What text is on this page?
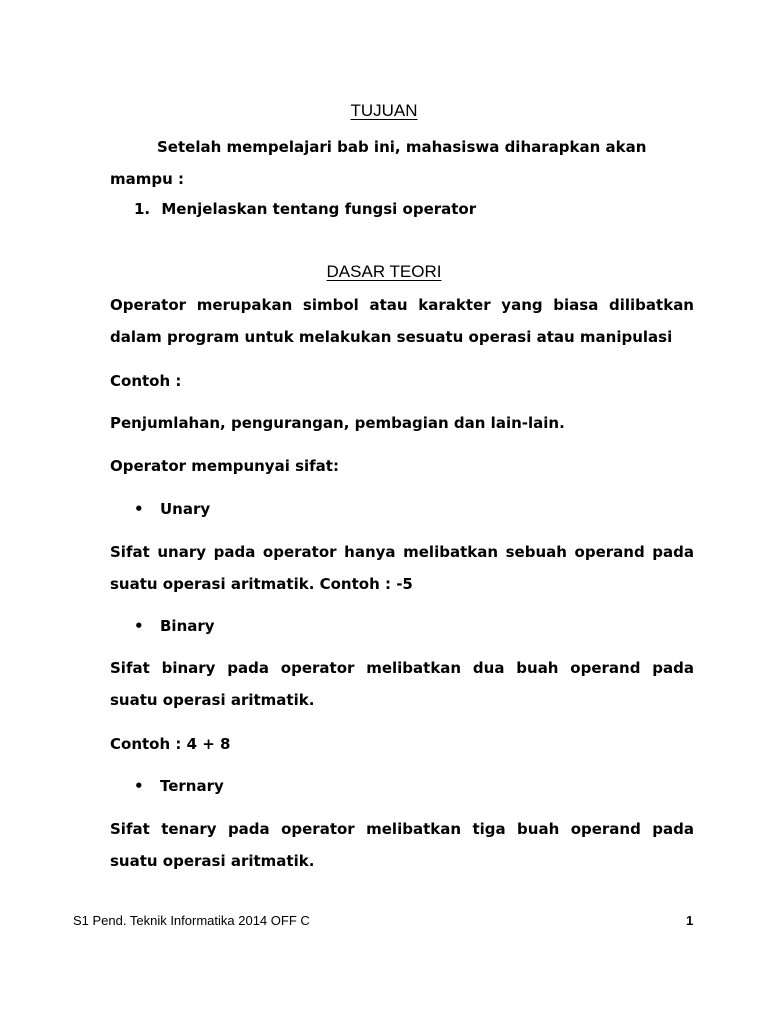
TUJUAN
Setelah mempelajari bab ini, mahasiswa diharapkan akan
mampu :
1. Menjelaskan tentang fungsi operator
DASAR TEORI
Operator merupakan simbol atau karakter yang biasa dilibatkan dalam program untuk melakukan sesuatu operasi atau manipulasi
Contoh :
Penjumlahan, pengurangan, pembagian dan lain-lain.
Operator mempunyai sifat:
• Unary
Sifat unary pada operator hanya melibatkan sebuah operand pada suatu operasi aritmatik. Contoh : -5
• Binary
Sifat binary pada operator melibatkan dua buah operand pada suatu operasi aritmatik.
Contoh : 4 + 8
• Ternary
Sifat tenary pada operator melibatkan tiga buah operand pada suatu operasi aritmatik.
S1 Pend. Teknik Informatika 2014 OFF C	1
